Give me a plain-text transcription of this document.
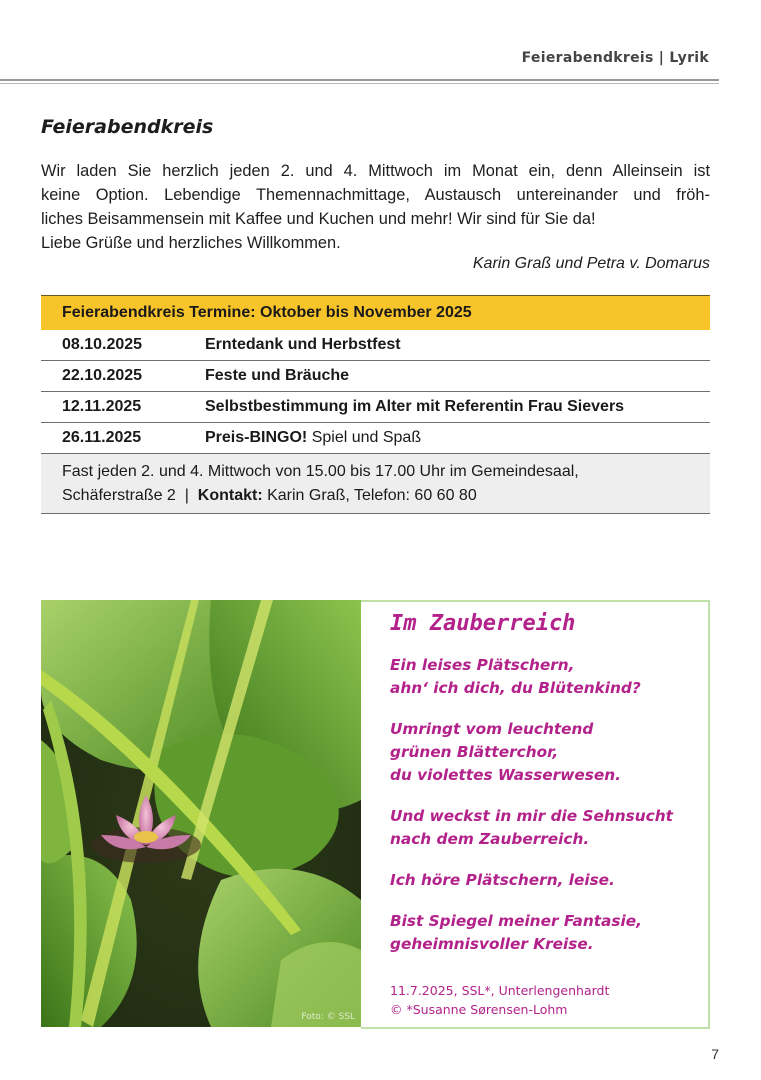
Feierabendkreis | Lyrik
Feierabendkreis

Wir laden Sie herzlich jeden 2. und 4. Mittwoch im Monat ein, denn Alleinsein ist

keine Option. Lebendige Themennachmittage, Austausch untereinander und fröh-

liches Beisammensein mit Kaffee und Kuchen und mehr! Wir sind für Sie da!

Liebe Grüße und herzliches Willkommen.

Karin Graß und Petra v. Domarus
Feierabendkreis Termine: Oktober bis November 2025
08.10.2025	Erntedank und Herbstfest
22.10.2025	Feste und Bräuche
12.11.2025	Selbstbestimmung im Alter mit Referentin Frau Sievers
26.11.2025	Preis-BINGO! Spiel und Spaß
Fast jeden 2. und 4. Mittwoch von 15.00 bis 17.00 Uhr im Gemeindesaal,
Schäferstraße 2  |  Kontakt: Karin Graß, Telefon: 60 60 80
Foto: © SSL
Im Zauberreich
Ein leises Plätschern,
ahn‘ ich dich, du Blütenkind?
Umringt vom leuchtend
grünen Blätterchor,
du violettes Wasserwesen.
Und weckst in mir die Sehnsucht
nach dem Zauberreich.
Ich höre Plätschern, leise.
Bist Spiegel meiner Fantasie,
geheimnisvoller Kreise.
11.7.2025, SSL*, Unterlengenhardt
© *Susanne Sørensen-Lohm
7
